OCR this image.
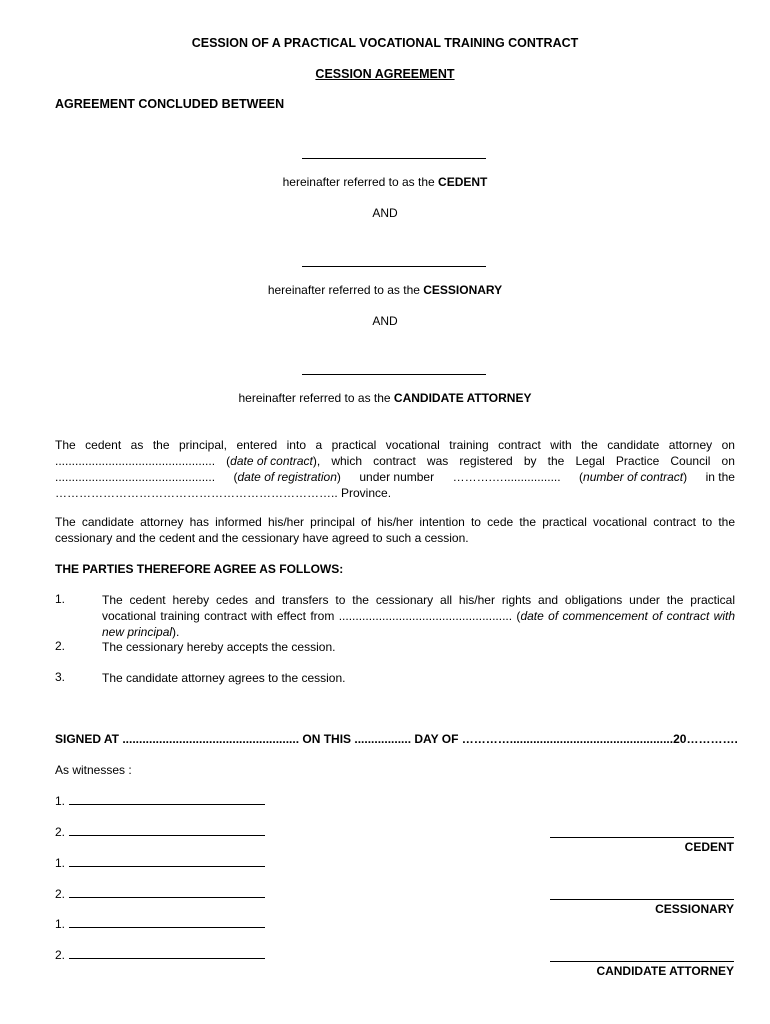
CESSION OF A PRACTICAL VOCATIONAL TRAINING CONTRACT
CESSION AGREEMENT
AGREEMENT CONCLUDED BETWEEN
hereinafter referred to as the CEDENT
AND
hereinafter referred to as the CESSIONARY
AND
hereinafter referred to as the CANDIDATE ATTORNEY
The cedent as the principal, entered into a practical vocational training contract with the candidate attorney on
................................................ (date of contract), which contract was registered by the Legal Practice Council on
................................................ (date of registration) under number ……….…................. (number of contract) in the
…………………………………………………………….. Province.
The candidate attorney has informed his/her principal of his/her intention to cede the practical vocational contract to the cessionary and the cedent and the cessionary have agreed to such a cession.
THE PARTIES THEREFORE AGREE AS FOLLOWS:
1.	The cedent hereby cedes and transfers to the cessionary all his/her rights and obligations under the practical vocational training contract with effect from .................................................... (date of commencement of contract with new principal).
2.	The cessionary hereby accepts the cession.
3.	The candidate attorney agrees to the cession.
SIGNED AT ..................................................... ON THIS ................. DAY OF ………….................................................20………….
As witnesses :
1.
2.
1.
2.
1.
2.
CEDENT
CESSIONARY
CANDIDATE ATTORNEY
